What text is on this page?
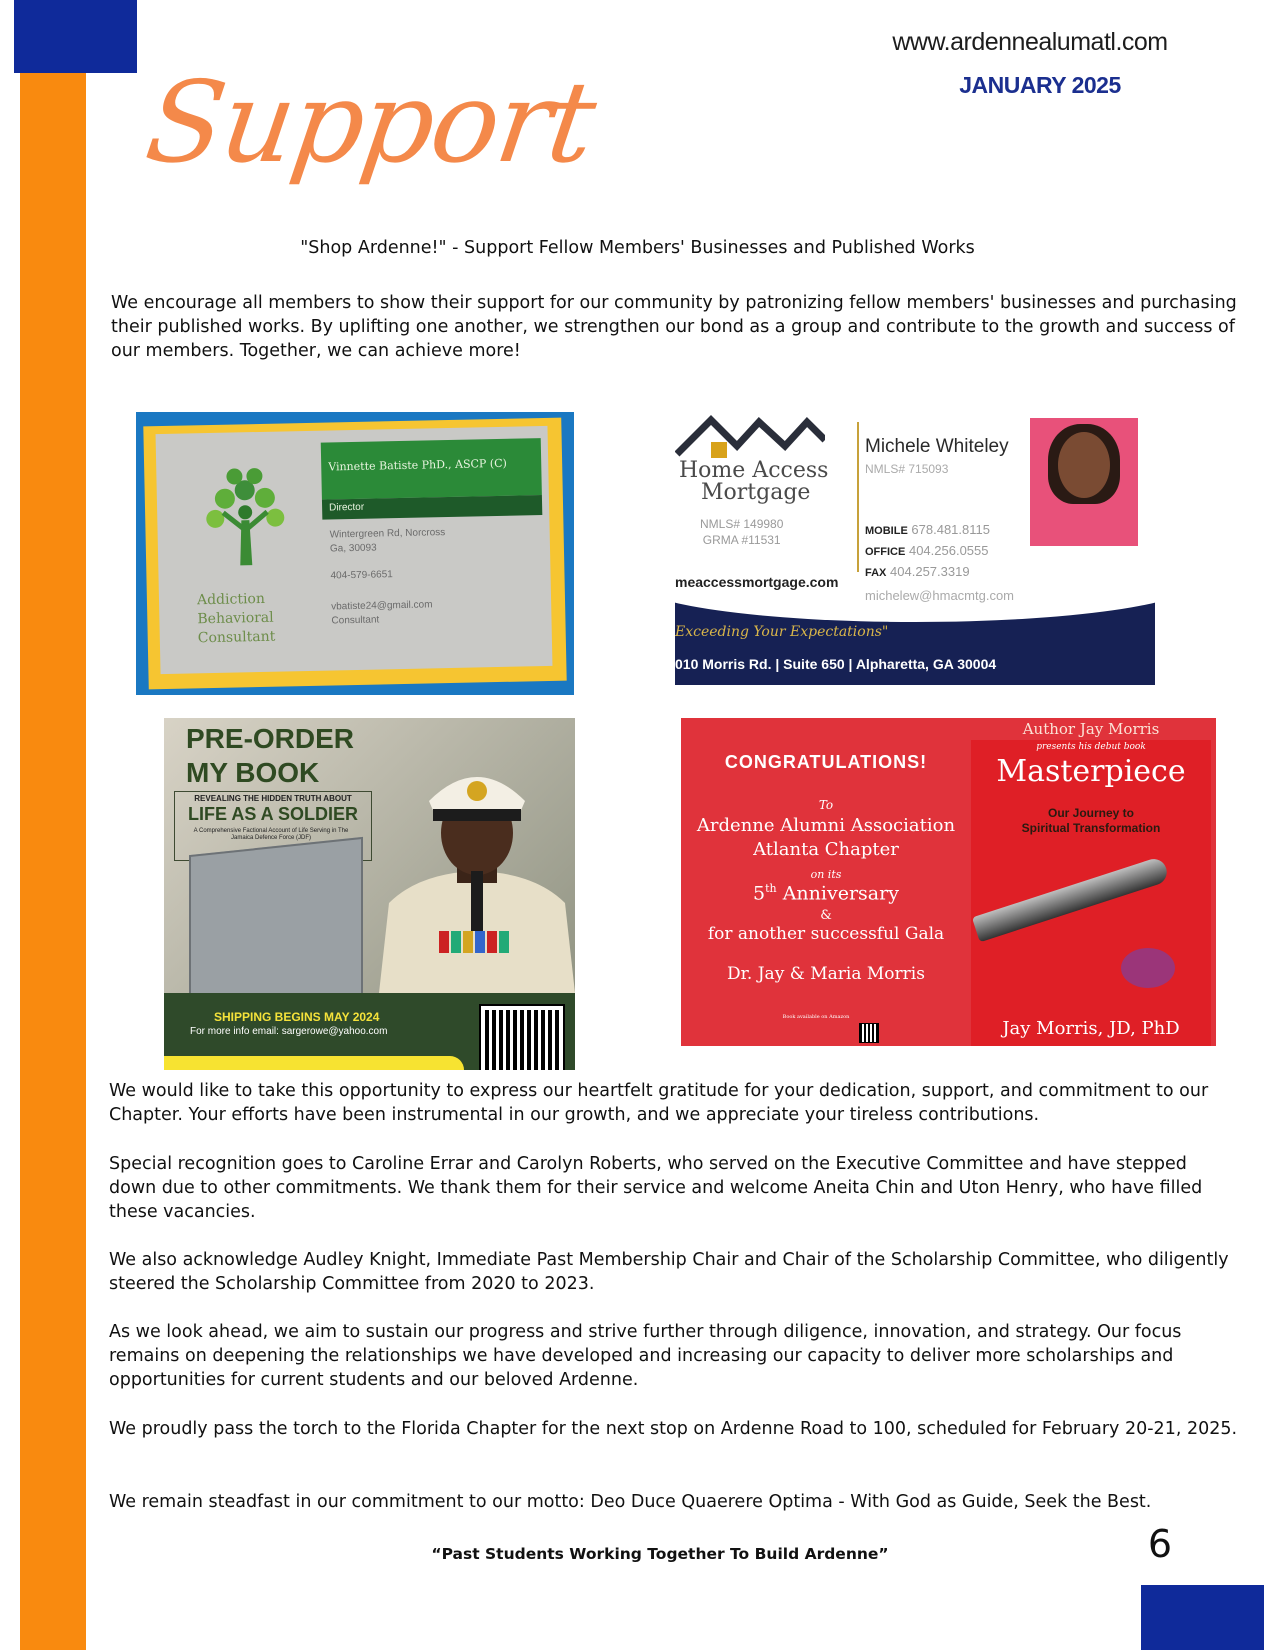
www.ardennealumatl.com
JANUARY 2025
Support
"Shop Ardenne!" - Support Fellow Members' Businesses and Published Works
We encourage all members to show their support for our community by patronizing fellow members' businesses and purchasing their published works. By uplifting one another, we strengthen our bond as a group and contribute to the growth and success of our members. Together, we can achieve more!
Addiction
Behavioral
Consultant
Vinnette Batiste PhD., ASCP (C)
Director
Wintergreen Rd, Norcross
Ga, 30093
404-579-6651
vbatiste24@gmail.com
Consultant
Home Access
Mortgage
NMLS# 149980
GRMA #11531
meaccessmortgage.com
Michele Whiteley
NMLS# 715093
MOBILE 678.481.8115
OFFICE 404.256.0555
FAX 404.257.3319
michelew@hmacmtg.com
Exceeding Your Expectations"
010 Morris Rd. | Suite 650 | Alpharetta, GA 30004
PRE-ORDER
MY BOOK
REVEALING THE HIDDEN TRUTH ABOUT
LIFE AS A SOLDIER
A Comprehensive Factional Account of Life Serving in The Jamaica Defence Force (JDF)
SHIPPING BEGINS MAY 2024
For more info email: sargerowe@yahoo.com
CONGRATULATIONS!
To
Ardenne Alumni Association
Atlanta Chapter
on its
5th Anniversary
&
for another successful Gala
Dr. Jay & Maria Morris
Book available on Amazon
Author Jay Morris
presents his debut book
Masterpiece
Our Journey to
Spiritual Transformation
Jay Morris, JD, PhD
We would like to take this opportunity to express our heartfelt gratitude for your dedication, support, and commitment to our Chapter. Your efforts have been instrumental in our growth, and we appreciate your tireless contributions.
Special recognition goes to Caroline Errar and Carolyn Roberts, who served on the Executive Committee and have stepped down due to other commitments. We thank them for their service and welcome Aneita Chin and Uton Henry, who have filled these vacancies.
We also acknowledge Audley Knight, Immediate Past Membership Chair and Chair of the Scholarship Committee, who diligently steered the Scholarship Committee from 2020 to 2023.
As we look ahead, we aim to sustain our progress and strive further through diligence, innovation, and strategy. Our focus remains on deepening the relationships we have developed and increasing our capacity to deliver more scholarships and opportunities for current students and our beloved Ardenne.
We proudly pass the torch to the Florida Chapter for the next stop on Ardenne Road to 100, scheduled for February 20-21, 2025.
We remain steadfast in our commitment to our motto: Deo Duce Quaerere Optima - With God as Guide, Seek the Best.
“Past Students Working Together To Build Ardenne”	6
